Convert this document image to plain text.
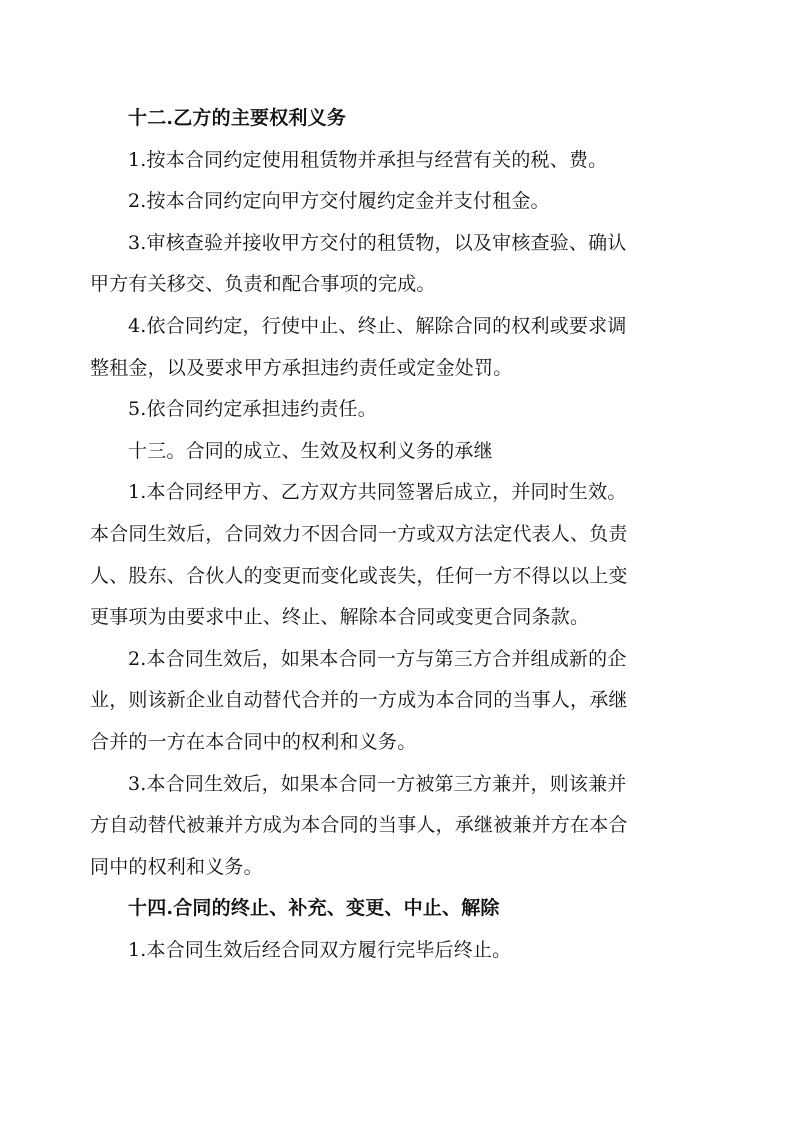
十二.乙方的主要权利义务
1.按本合同约定使用租赁物并承担与经营有关的税、费。
2.按本合同约定向甲方交付履约定金并支付租金。
3.审核查验并接收甲方交付的租赁物，以及审核查验、确认
甲方有关移交、负责和配合事项的完成。
4.依合同约定，行使中止、终止、解除合同的权利或要求调
整租金，以及要求甲方承担违约责任或定金处罚。
5.依合同约定承担违约责任。
十三。合同的成立、生效及权利义务的承继
1.本合同经甲方、乙方双方共同签署后成立，并同时生效。
本合同生效后，合同效力不因合同一方或双方法定代表人、负责
人、股东、合伙人的变更而变化或丧失，任何一方不得以以上变
更事项为由要求中止、终止、解除本合同或变更合同条款。
2.本合同生效后，如果本合同一方与第三方合并组成新的企
业，则该新企业自动替代合并的一方成为本合同的当事人，承继
合并的一方在本合同中的权利和义务。
3.本合同生效后，如果本合同一方被第三方兼并，则该兼并
方自动替代被兼并方成为本合同的当事人，承继被兼并方在本合
同中的权利和义务。
十四.合同的终止、补充、变更、中止、解除
1.本合同生效后经合同双方履行完毕后终止。
